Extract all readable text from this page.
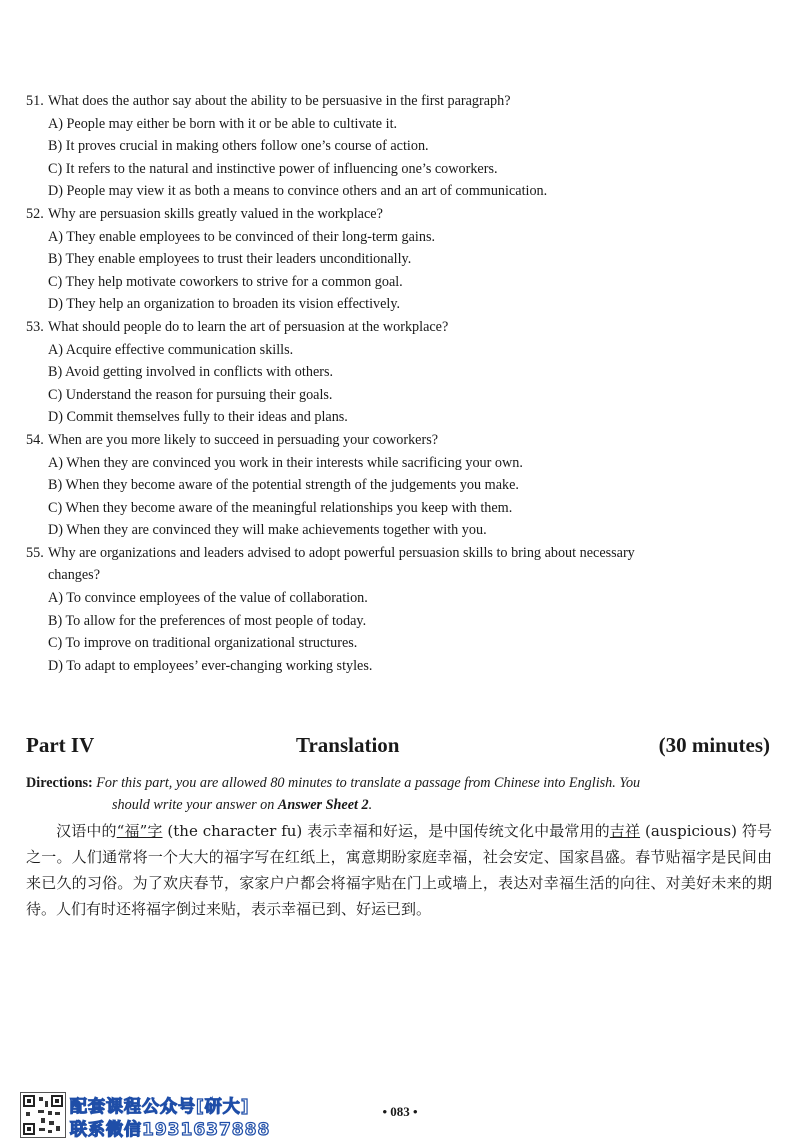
51. What does the author say about the ability to be persuasive in the first paragraph?
A) People may either be born with it or be able to cultivate it.
B) It proves crucial in making others follow one’s course of action.
C) It refers to the natural and instinctive power of influencing one’s coworkers.
D) People may view it as both a means to convince others and an art of communication.
52. Why are persuasion skills greatly valued in the workplace?
A) They enable employees to be convinced of their long-term gains.
B) They enable employees to trust their leaders unconditionally.
C) They help motivate coworkers to strive for a common goal.
D) They help an organization to broaden its vision effectively.
53. What should people do to learn the art of persuasion at the workplace?
A) Acquire effective communication skills.
B) Avoid getting involved in conflicts with others.
C) Understand the reason for pursuing their goals.
D) Commit themselves fully to their ideas and plans.
54. When are you more likely to succeed in persuading your coworkers?
A) When they are convinced you work in their interests while sacrificing your own.
B) When they become aware of the potential strength of the judgements you make.
C) When they become aware of the meaningful relationships you keep with them.
D) When they are convinced they will make achievements together with you.
55. Why are organizations and leaders advised to adopt powerful persuasion skills to bring about necessary
changes?
A) To convince employees of the value of collaboration.
B) To allow for the preferences of most people of today.
C) To improve on traditional organizational structures.
D) To adapt to employees’ ever-changing working styles.
Part IV	Translation	(30 minutes)
Directions: For this part, you are allowed 80 minutes to translate a passage from Chinese into English. You
should write your answer on Answer Sheet 2.
汉语中的“福”字 (the character fu) 表示幸福和好运，是中国传统文化中最常用的吉祥 (auspicious) 符号之一。人们通常将一个大大的福字写在红纸上，寓意期盼家庭幸福，社会安定、国家昌盛。春节贴福字是民间由来已久的习俗。为了欢庆春节，家家户户都会将福字贴在门上或墙上，表达对幸福生活的向往、对美好未来的期待。人们有时还将福字倒过来贴，表示幸福已到、好运已到。
• 083 •
配套课程公众号[研大]
联系微信1931637888
